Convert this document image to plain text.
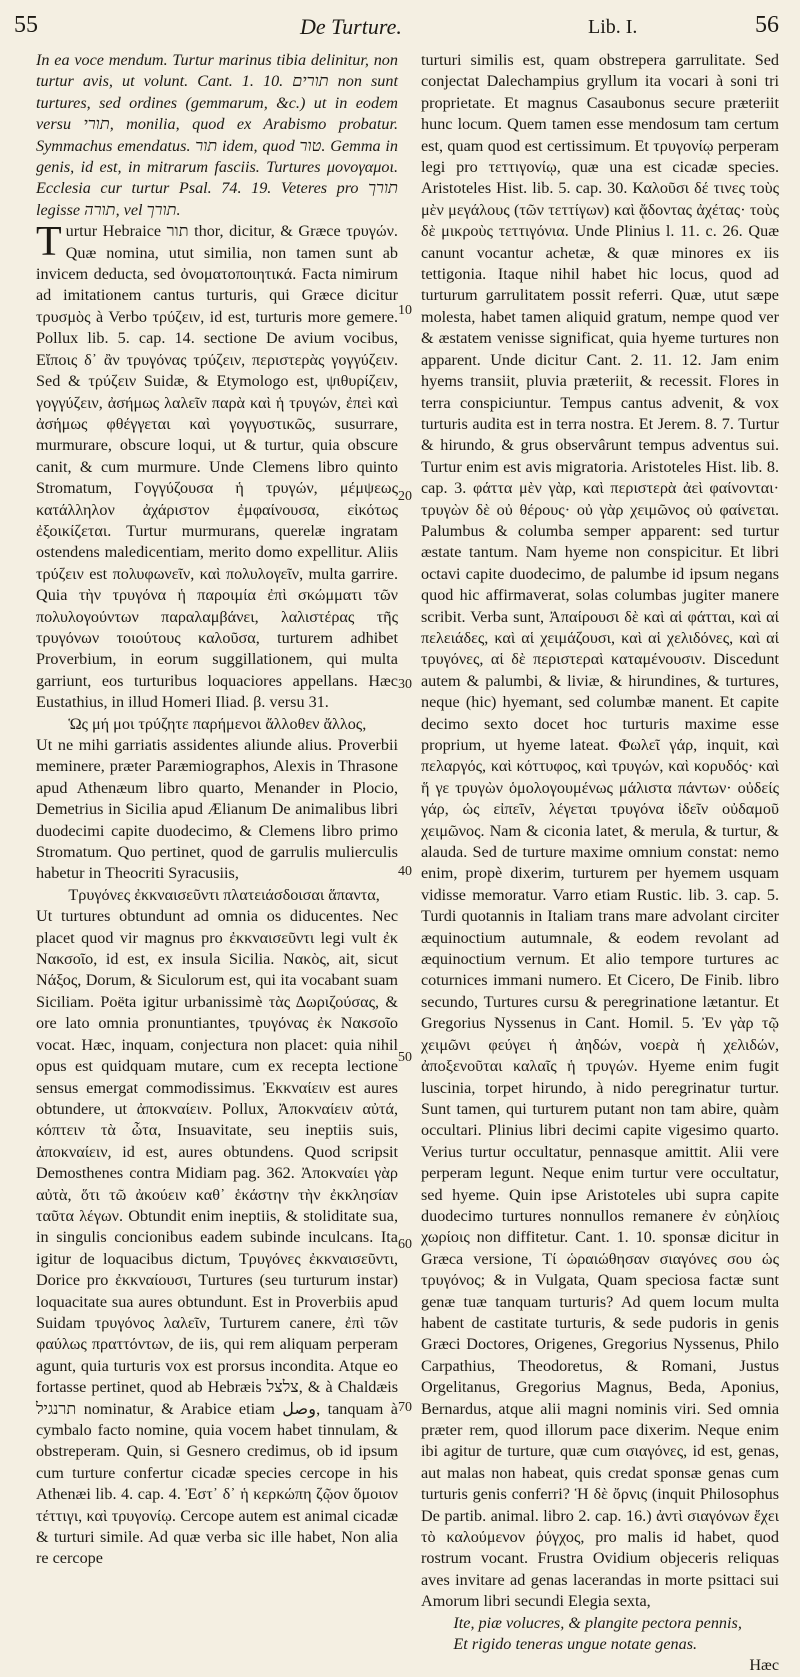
55	De Turture.	Lib. I.	56

In ea voce mendum. Turtur marinus tibia delinitur, non turtur avis, ut volunt. Cant. 1. 10. תורים non sunt turtures, sed ordines (gemmarum, &c.) ut in eodem versu תורי, monilia, quod ex Arabismo probatur. Symmachus emendatus. תור idem, quod טור. Gemma in genis, id est, in mitrarum fasciis. Turtures μονογαμοι. Ecclesia cur turtur Psal. 74. 19. Veteres pro תורך legisse תורה, vel תורך.

Turtur Hebraice תור thor, dicitur, & Græce τρυγών. Quæ nomina, utut similia, non tamen sunt ab invicem deducta, sed ὀνοματοποιητικά. Facta nimirum ad imitationem cantus turturis, qui Græce dicitur τρυσμὸς à Verbo τρύζειν, id est, turturis more gemere. Pollux lib. 5. cap. 14. sectione De avium vocibus, Εἴποις δ᾽ ἂν τρυγόνας τρύζειν, περιστερὰς γογγύζειν. Sed & τρύζειν Suidæ, & Etymologo est, ψιθυρίζειν, γογγύζειν, ἀσήμως λαλεῖν παρὰ καὶ ἡ τρυγών, ἐπεὶ καὶ ἀσήμως φθέγγεται καὶ γογγυστικῶς, susurrare, murmurare, obscure loqui, ut & turtur, quia obscure canit, & cum murmure. Unde Clemens libro quinto Stromatum, Γογγύζουσα ἡ τρυγών, μέμψεως κατάλληλον ἀχάριστον ἐμφαίνουσα, εἰκότως ἐξοικίζεται. Turtur murmurans, querelæ ingratam ostendens maledicentiam, merito domo expellitur. Aliis τρύζειν est πολυφωνεῖν, καὶ πολυλογεῖν, multa garrire. Quia τὴν τρυγόνα ἡ παροιμία ἐπὶ σκώμματι τῶν πολυλογούντων παραλαμβάνει, λαλιστέρας τῆς τρυγόνων τοιούτους καλοῦσα, turturem adhibet Proverbium, in eorum suggillationem, qui multa garriunt, eos turturibus loquaciores appellans. Hæc Eustathius, in illud Homeri Iliad. β. versu 31.

Ὡς μή μοι τρύζητε παρήμενοι ἄλλοθεν ἄλλος,

Ut ne mihi garriatis assidentes aliunde alius. Proverbii meminere, præter Paræmiographos, Alexis in Thrasone apud Athenæum libro quarto, Menander in Plocio, Demetrius in Sicilia apud Ælianum De animalibus libri duodecimi capite duodecimo, & Clemens libro primo Stromatum. Quo pertinet, quod de garrulis mulierculis habetur in Theocriti Syracusiis,

Τρυγόνες ἐκκναισεῦντι πλατειάσδοισαι ἅπαντα,

Ut turtures obtundunt ad omnia os diducentes. Nec placet quod vir magnus pro ἐκκναισεῦντι legi vult ἐκ Νακσοῖο, id est, ex insula Sicilia. Νακὸς, ait, sicut Νάξος, Dorum, & Siculorum est, qui ita vocabant suam Siciliam. Poëta igitur urbanissimè τὰς Δωριζούσας, & ore lato omnia pronuntiantes, τρυγόνας ἐκ Νακσοῖο vocat. Hæc, inquam, conjectura non placet: quia nihil opus est quidquam mutare, cum ex recepta lectione sensus emergat commodissimus. Ἐκκναίειν est aures obtundere, ut ἀποκναίειν. Pollux, Ἀποκναίειν αὐτά, κόπτειν τὰ ὦτα, Insuavitate, seu ineptiis suis, ἀποκναίειν, id est, aures obtundens. Quod scripsit Demosthenes contra Midiam pag. 362. Ἀποκναίει γὰρ αὐτὰ, ὅτι τῶ ἀκούειν καθ᾽ ἑκάστην τὴν ἐκκλησίαν ταῦτα λέγων. Obtundit enim ineptiis, & stoliditate sua, in singulis concionibus eadem subinde inculcans. Ita igitur de loquacibus dictum, Τρυγόνες ἐκκναισεῦντι, Dorice pro ἐκκναίουσι, Turtures (seu turturum instar) loquacitate sua aures obtundunt. Est in Proverbiis apud Suidam τρυγόνος λαλεῖν, Turturem canere, ἐπὶ τῶν φαύλως πραττόντων, de iis, qui rem aliquam perperam agunt, quia turturis vox est prorsus incondita. Atque eo fortasse pertinet, quod ab Hebræis צלצל, & à Chaldæis תרנגיל nominatur, & Arabice etiam وصل, tanquam à cymbalo facto nomine, quia vocem habet tinnulam, & obstreperam. Quin, si Gesnero credimus, ob id ipsum cum turture confertur cicadæ species cercope in his Athenæi lib. 4. cap. 4. Ἐστ᾽ δ᾽ ἡ κερκώπη ζῷον ὅμοιον τέττιγι, καὶ τρυγονίῳ. Cercope autem est animal cicadæ & turturi simile. Ad quæ verba sic ille habet, Non alia re cercope

10
20
30
40
50
60
70

turturi similis est, quam obstrepera garrulitate. Sed conjectat Dalechampius gryllum ita vocari à soni tri proprietate. Et magnus Casaubonus secure præteriit hunc locum. Quem tamen esse mendosum tam certum est, quam quod est certissimum. Et τρυγονίῳ perperam legi pro τεττιγονίῳ, quæ una est cicadæ species. Aristoteles Hist. lib. 5. cap. 30. Καλοῦσι δέ τινες τοὺς μὲν μεγάλους (τῶν τεττίγων) καὶ ᾄδοντας ἀχέτας· τοὺς δὲ μικροὺς τεττιγόνια. Unde Plinius l. 11. c. 26. Quæ canunt vocantur achetæ, & quæ minores ex iis tettigonia. Itaque nihil habet hic locus, quod ad turturum garrulitatem possit referri. Quæ, utut sæpe molesta, habet tamen aliquid gratum, nempe quod ver & æstatem venisse significat, quia hyeme turtures non apparent. Unde dicitur Cant. 2. 11. 12. Jam enim hyems transiit, pluvia præteriit, & recessit. Flores in terra conspiciuntur. Tempus cantus advenit, & vox turturis audita est in terra nostra. Et Jerem. 8. 7. Turtur & hirundo, & grus observârunt tempus adventus sui. Turtur enim est avis migratoria. Aristoteles Hist. lib. 8. cap. 3. φάττα μὲν γὰρ, καὶ περιστερὰ ἀεὶ φαίνονται· τρυγὼν δὲ οὐ θέρους· οὐ γὰρ χειμῶνος οὐ φαίνεται. Palumbus & columba semper apparent: sed turtur æstate tantum. Nam hyeme non conspicitur. Et libri octavi capite duodecimo, de palumbe id ipsum negans quod hic affirmaverat, solas columbas jugiter manere scribit. Verba sunt, Ἀπαίρουσι δὲ καὶ αἱ φάτται, καὶ αἱ πελειάδες, καὶ αἱ χειμάζουσι, καὶ αἱ χελιδόνες, καὶ αἱ τρυγόνες, αἱ δὲ περιστεραὶ καταμένουσιν. Discedunt autem & palumbi, & liviæ, & hirundines, & turtures, neque (hic) hyemant, sed columbæ manent. Et capite decimo sexto docet hoc turturis maxime esse proprium, ut hyeme lateat. Φωλεῖ γάρ, inquit, καὶ πελαργός, καὶ κόττυφος, καὶ τρυγών, καὶ κορυδός· καὶ ἥ γε τρυγὼν ὁμολογουμένως μάλιστα πάντων· οὐδείς γάρ, ὡς εἰπεῖν, λέγεται τρυγόνα ἰδεῖν οὐδαμοῦ χειμῶνος. Nam & ciconia latet, & merula, & turtur, & alauda. Sed de turture maxime omnium constat: nemo enim, propè dixerim, turturem per hyemem usquam vidisse memoratur. Varro etiam Rustic. lib. 3. cap. 5. Turdi quotannis in Italiam trans mare advolant circiter æquinoctium autumnale, & eodem revolant ad æquinoctium vernum. Et alio tempore turtures ac coturnices immani numero. Et Cicero, De Finib. libro secundo, Turtures cursu & peregrinatione lætantur. Et Gregorius Nyssenus in Cant. Homil. 5. Ἐν γὰρ τῷ χειμῶνι φεύγει ἡ ἀηδών, νοερὰ ἡ χελιδών, ἀποξενοῦται καλαῖς ἡ τρυγών. Hyeme enim fugit luscinia, torpet hirundo, à nido peregrinatur turtur. Sunt tamen, qui turturem putant non tam abire, quàm occultari. Plinius libri decimi capite vigesimo quarto. Verius turtur occultatur, pennasque amittit. Alii vere perperam legunt. Neque enim turtur vere occultatur, sed hyeme. Quin ipse Aristoteles ubi supra capite duodecimo turtures nonnullos remanere ἐν εὐηλίοις χωρίοις non diffitetur. Cant. 1. 10. sponsæ dicitur in Græca versione, Τί ὡραιώθησαν σιαγόνες σου ὡς τρυγόνος; & in Vulgata, Quam speciosa factæ sunt genæ tuæ tanquam turturis? Ad quem locum multa habent de castitate turturis, & sede pudoris in genis Græci Doctores, Origenes, Gregorius Nyssenus, Philo Carpathius, Theodoretus, & Romani, Justus Orgelitanus, Gregorius Magnus, Beda, Aponius, Bernardus, atque alii magni nominis viri. Sed omnia præter rem, quod illorum pace dixerim. Neque enim ibi agitur de turture, quæ cum σιαγόνες, id est, genas, aut malas non habeat, quis credat sponsæ genas cum turturis genis conferri? Ἡ δὲ ὄρνις (inquit Philosophus De partib. animal. libro 2. cap. 16.) ἀντὶ σιαγόνων ἔχει τὸ καλούμενον ῥύγχος, pro malis id habet, quod rostrum vocant. Frustra Ovidium objeceris reliquas aves invitare ad genas lacerandas in morte psittaci sui Amorum libri secundi Elegia sexta,

Ite, piæ volucres, & plangite pectora pennis,

Et rigido teneras ungue notate genas.

Hæc
